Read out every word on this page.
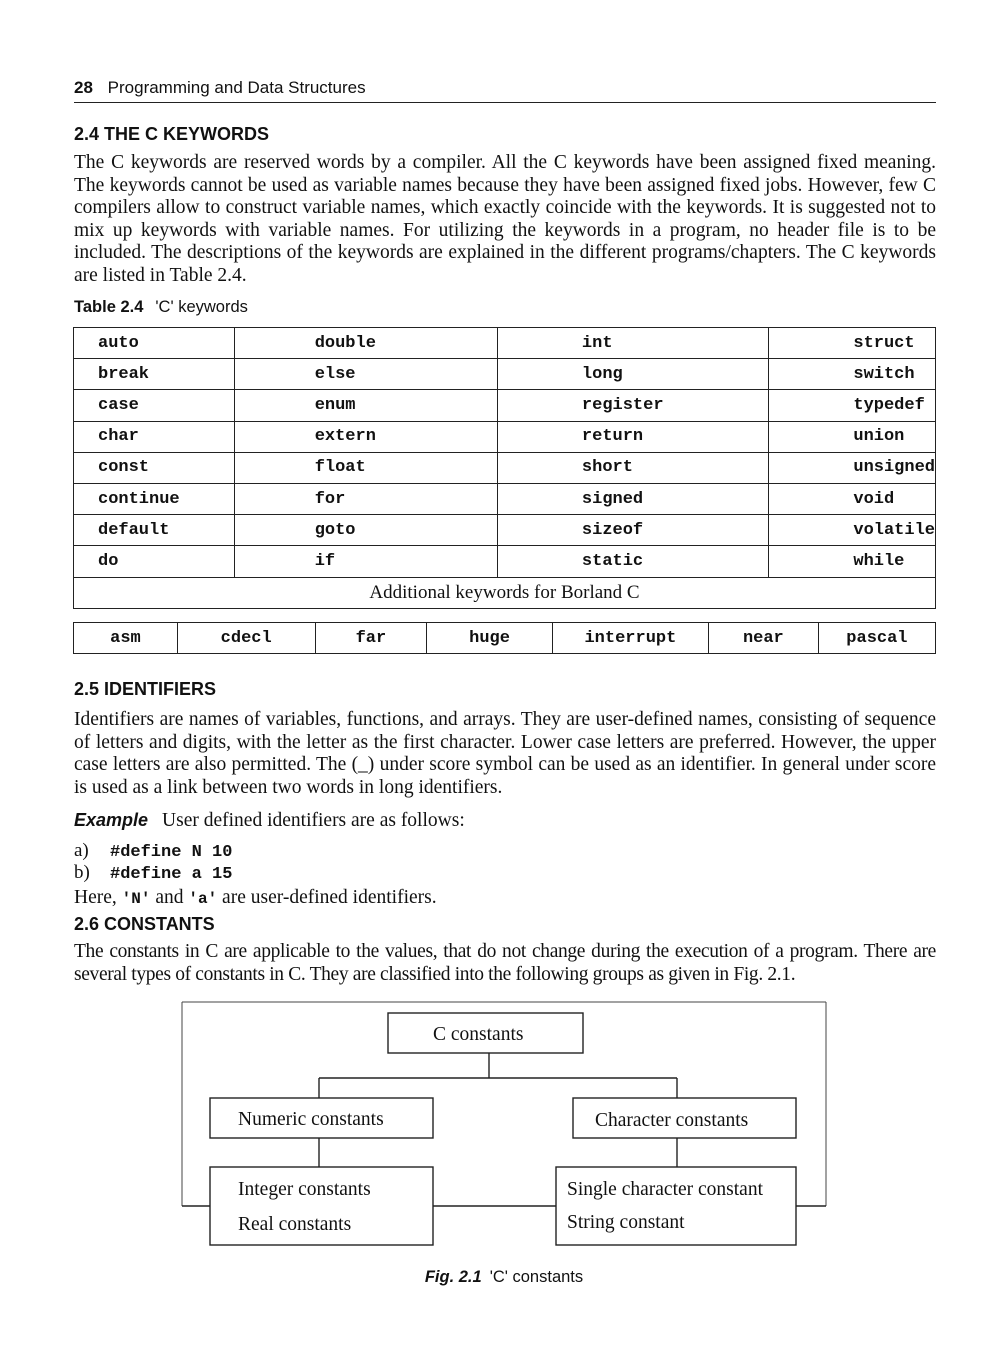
28 Programming and Data Structures
2.4 THE C KEYWORDS

The C keywords are reserved words by a compiler. All the C keywords have been assigned fixed meaning. The keywords cannot be used as variable names because they have been assigned fixed jobs. However, few C compilers allow to construct variable names, which exactly coincide with the keywords. It is suggested not to mix up keywords with variable names. For utilizing the keywords in a program, no header file is to be included. The descriptions of the keywords are explained in the different programs/chapters. The C keywords are listed in Table 2.4.

Table 2.4 'C' keywords
auto	double	int	struct
break	else	long	switch
case	enum	register	typedef
char	extern	return	union
const	float	short	unsigned
continue	for	signed	void
default	goto	sizeof	volatile
do	if	static	while
Additional keywords for Borland C			
asm	cdecl	far	huge	interrupt	near	pascal
2.5 IDENTIFIERS

Identifiers are names of variables, functions, and arrays. They are user-defined names, consisting of sequence of letters and digits, with the letter as the first character. Lower case letters are preferred. However, the upper case letters are also permitted. The (_) under score symbol can be used as an identifier. In general under score is used as a link between two words in long identifiers.

Example User defined identifiers are as follows:
a) #define N 10
b) #define a 15
Here, 'N' and 'a' are user-defined identifiers.
2.6 CONSTANTS

The constants in C are applicable to the values, that do not change during the execution of a program. There are several types of constants in C. They are classified into the following groups as given in Fig. 2.1.

C constants
Numeric constants	Character constants
Integer constants
Real constants
Single character constant
String constant
Fig. 2.1 'C' constants
